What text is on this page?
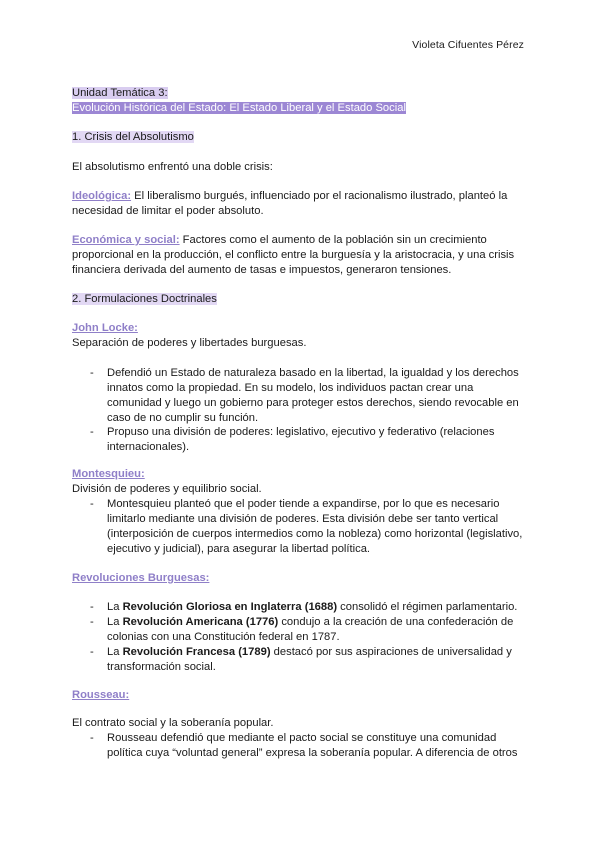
Violeta Cifuentes Pérez

Unidad Temática 3:

Evolución Histórica del Estado: El Estado Liberal y el Estado Social

1. Crisis del Absolutismo
El absolutismo enfrentó una doble crisis:

Ideológica: El liberalismo burgués, influenciado por el racionalismo ilustrado, planteó la necesidad de limitar el poder absoluto.

Económica y social: Factores como el aumento de la población sin un crecimiento proporcional en la producción, el conflicto entre la burguesía y la aristocracia, y una crisis financiera derivada del aumento de tasas e impuestos, generaron tensiones.

2. Formulaciones Doctrinales
John Locke:
Separación de poderes y libertades burguesas.
- Defendió un Estado de naturaleza basado en la libertad, la igualdad y los derechos innatos como la propiedad. En su modelo, los individuos pactan crear una comunidad y luego un gobierno para proteger estos derechos, siendo revocable en caso de no cumplir su función.

- Propuso una división de poderes: legislativo, ejecutivo y federativo (relaciones internacionales).

Montesquieu:
División de poderes y equilibrio social.
- Montesquieu planteó que el poder tiende a expandirse, por lo que es necesario limitarlo mediante una división de poderes. Esta división debe ser tanto vertical (interposición de cuerpos intermedios como la nobleza) como horizontal (legislativo, ejecutivo y judicial), para asegurar la libertad política.

Revoluciones Burguesas:
- La Revolución Gloriosa en Inglaterra (1688) consolidó el régimen parlamentario.

- La Revolución Americana (1776) condujo a la creación de una confederación de colonias con una Constitución federal en 1787.

- La Revolución Francesa (1789) destacó por sus aspiraciones de universalidad y transformación social.

Rousseau:
El contrato social y la soberanía popular.
- Rousseau defendió que mediante el pacto social se constituye una comunidad política cuya “voluntad general” expresa la soberanía popular. A diferencia de otros
